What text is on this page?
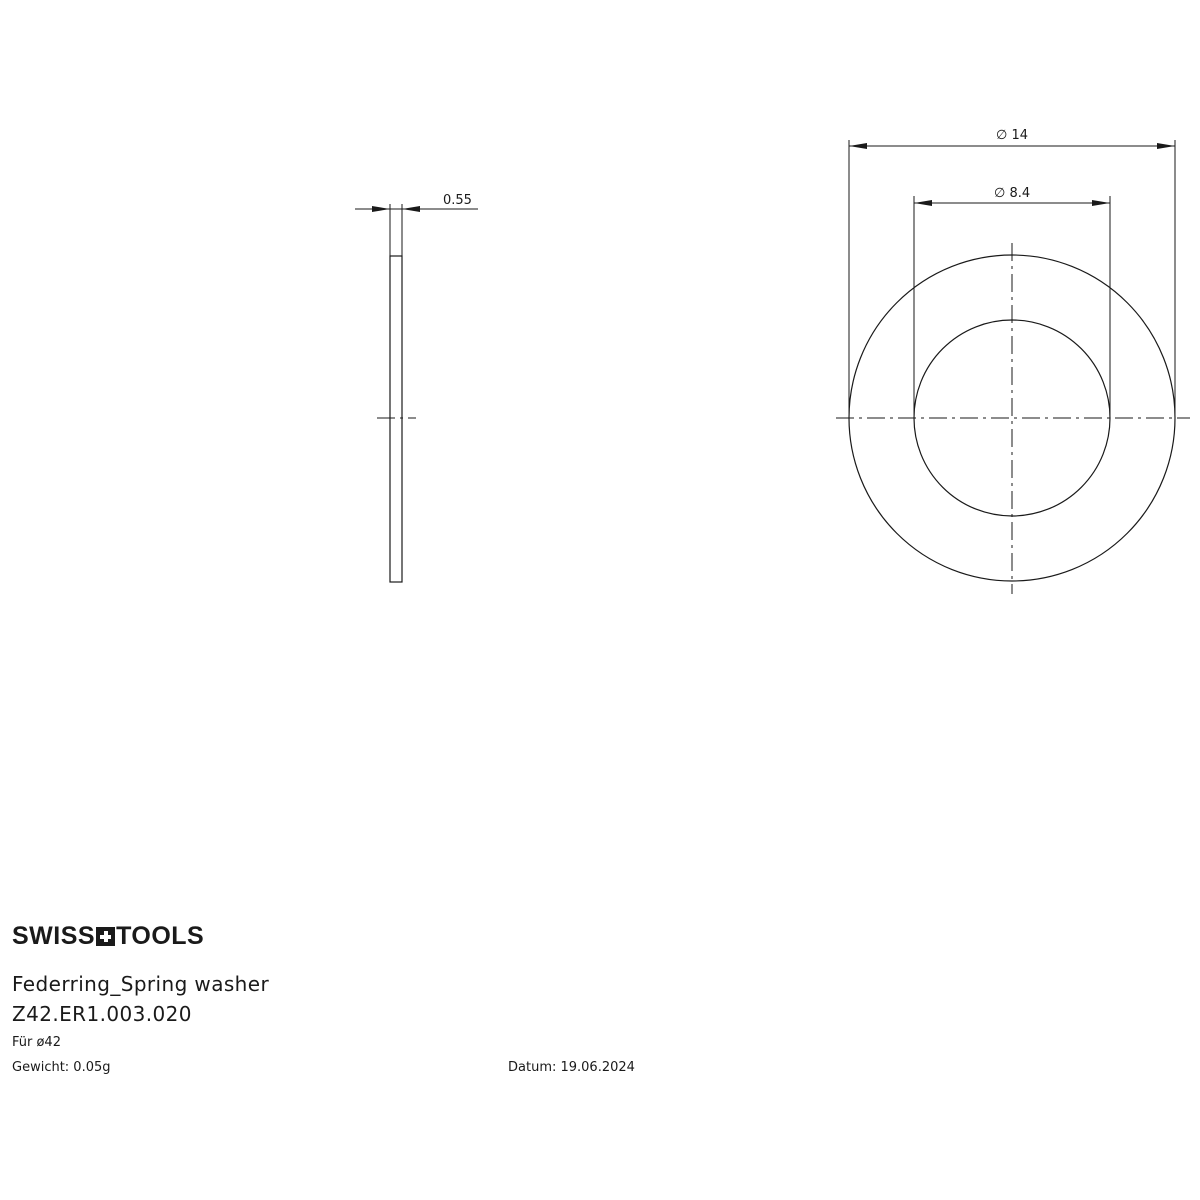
0.55
∅ 14
∅ 8.4
SWISS TOOLS
Federring_Spring washer
Z42.ER1.003.020
Für ø42
Gewicht: 0.05g	Datum: 19.06.2024
